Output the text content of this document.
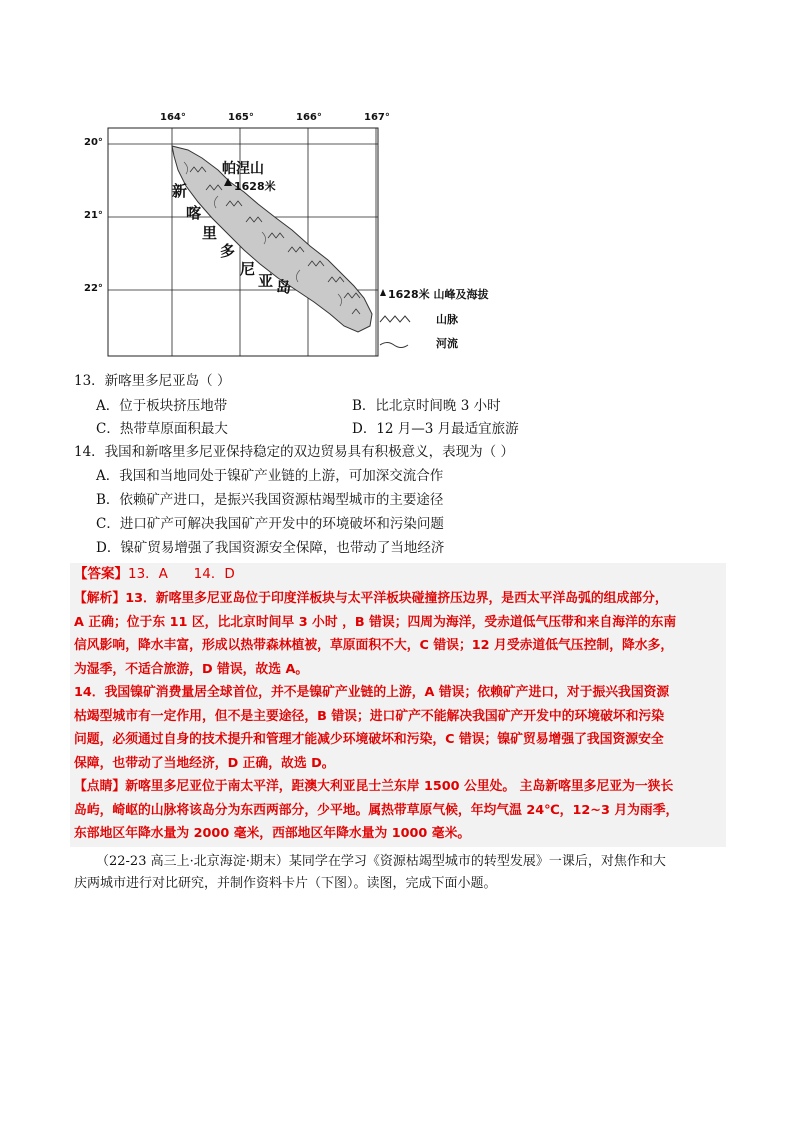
164°	165°	166°	167°
20°
21°
22°
帕涅山
1628米
新
喀
里
多
尼
亚 岛	1628米 山峰及海拔
山脉
河流
13．新喀里多尼亚岛（ ）
A．位于板块挤压地带	B．比北京时间晚 3 小时
C．热带草原面积最大	D．12 月—3 月最适宜旅游
14．我国和新喀里多尼亚保持稳定的双边贸易具有积极意义，表现为（ ）
A．我国和当地同处于镍矿产业链的上游，可加深交流合作
B．依赖矿产进口，是振兴我国资源枯竭型城市的主要途径
C．进口矿产可解决我国矿产开发中的环境破坏和污染问题
D．镍矿贸易增强了我国资源安全保障，也带动了当地经济
【答案】13．A      14．D
【解析】13．新喀里多尼亚岛位于印度洋板块与太平洋板块碰撞挤压边界，是西太平洋岛弧的组成部分，
A 正确；位于东 11 区，比北京时间早 3 小时 ，B 错误；四周为海洋，受赤道低气压带和来自海洋的东南
信风影响，降水丰富，形成以热带森林植被，草原面积不大，C 错误；12 月受赤道低气压控制，降水多，
为湿季，不适合旅游，D 错误，故选 A。
14．我国镍矿消费量居全球首位，并不是镍矿产业链的上游，A 错误；依赖矿产进口，对于振兴我国资源
枯竭型城市有一定作用，但不是主要途径，B 错误；进口矿产不能解决我国矿产开发中的环境破坏和污染
问题，必须通过自身的技术提升和管理才能减少环境破坏和污染，C 错误；镍矿贸易增强了我国资源安全
保障，也带动了当地经济，D 正确，故选 D。
【点睛】新喀里多尼亚位于南太平洋，距澳大利亚昆士兰东岸 1500 公里处。 主岛新喀里多尼亚为一狭长
岛屿，崎岖的山脉将该岛分为东西两部分，少平地。属热带草原气候，年均气温 24℃，12~3 月为雨季，
东部地区年降水量为 2000 毫米，西部地区年降水量为 1000 毫米。
（22-23 高三上·北京海淀·期末）某同学在学习《资源枯竭型城市的转型发展》一课后，对焦作和大
庆两城市进行对比研究，并制作资料卡片（下图）。读图，完成下面小题。
